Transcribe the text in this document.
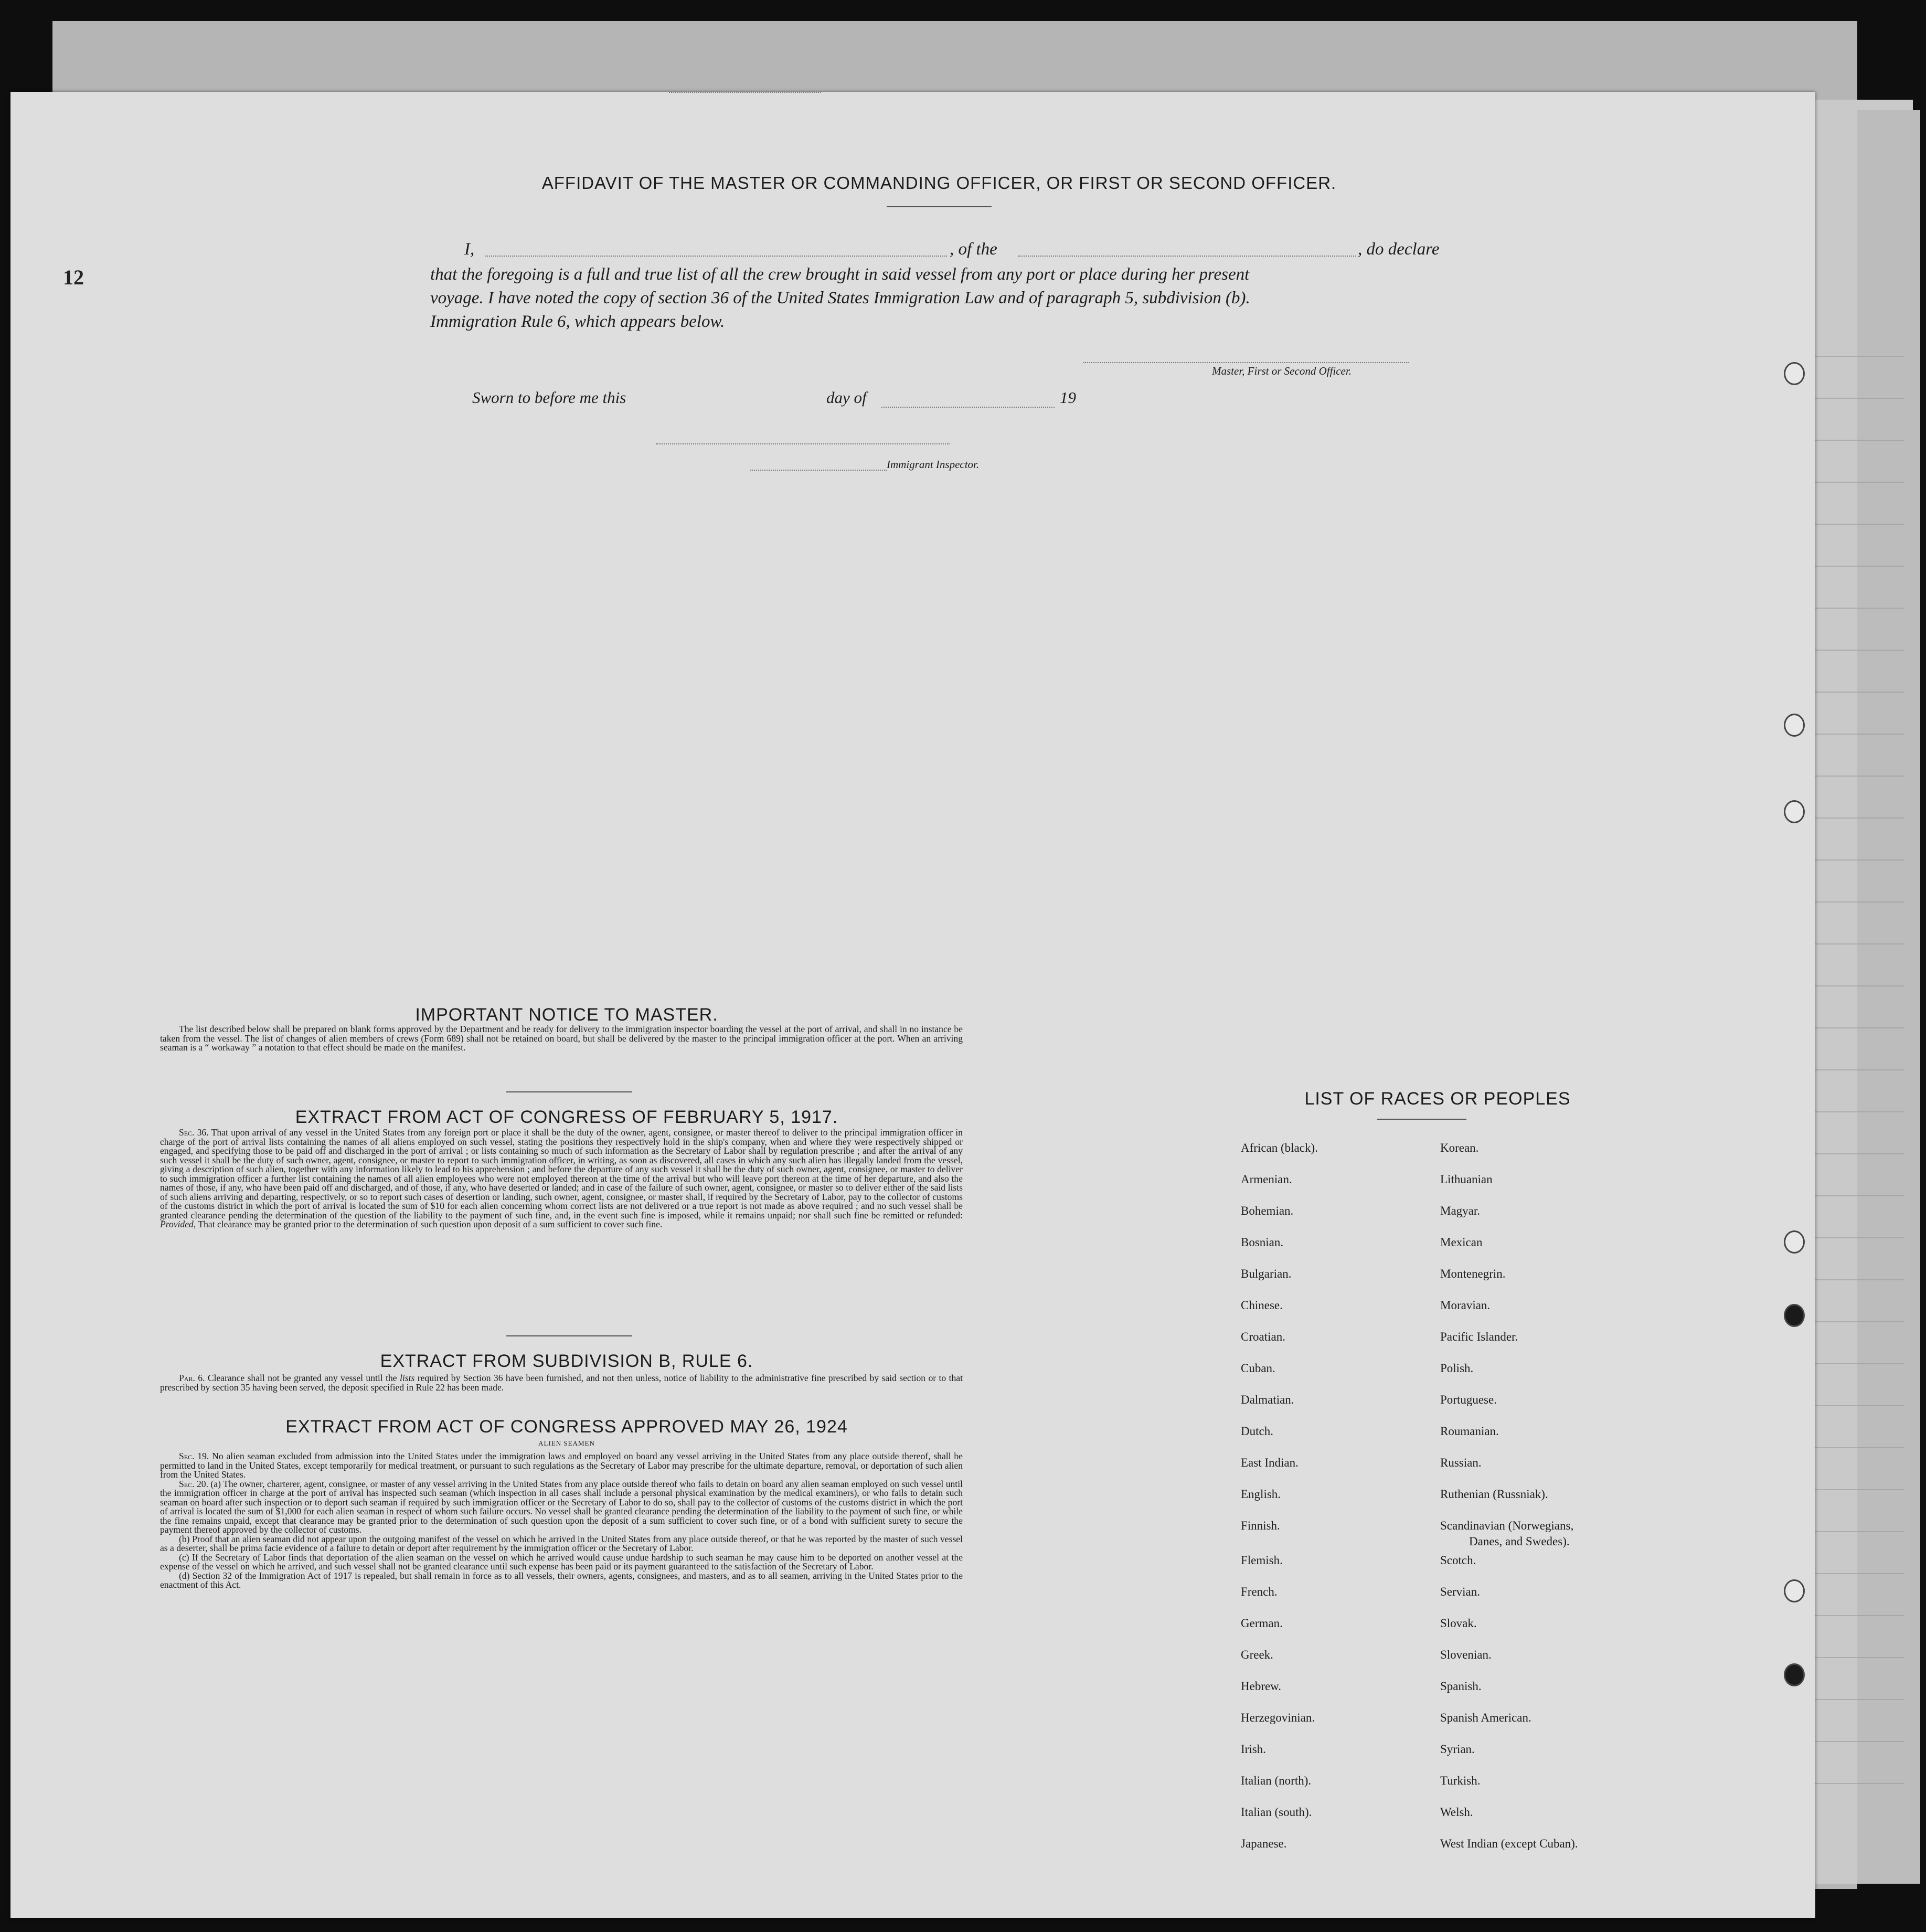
12
AFFIDAVIT OF THE MASTER OR COMMANDING OFFICER, OR FIRST OR SECOND OFFICER.
I,	, of the	, do declare
that the foregoing is a full and true list of all the crew brought in said vessel from any port or place during her present
voyage. I have noted the copy of section 36 of the United States Immigration Law and of paragraph 5, subdivision (b).
Immigration Rule 6, which appears below.
Master, First or Second Officer.
Sworn to before me this	day of	19
Immigrant Inspector.
IMPORTANT NOTICE TO MASTER.

The list described below shall be prepared on blank forms approved by the Department and be ready for delivery to the immigration inspector boarding the vessel at the port of arrival, and shall in no instance be taken from the vessel. The list of changes of alien members of crews (Form 689) shall not be retained on board, but shall be delivered by the master to the principal immigration officer at the port. When an arriving seaman is a “ workaway ” a notation to that effect should be made on the manifest.

EXTRACT FROM ACT OF CONGRESS OF FEBRUARY 5, 1917.

Sec. 36. That upon arrival of any vessel in the United States from any foreign port or place it shall be the duty of the owner, agent, consignee, or master thereof to deliver to the principal immigration officer in charge of the port of arrival lists containing the names of all aliens employed on such vessel, stating the positions they respectively hold in the ship's company, when and where they were respectively shipped or engaged, and specifying those to be paid off and discharged in the port of arrival ; or lists containing so much of such information as the Secretary of Labor shall by regulation prescribe ; and after the arrival of any such vessel it shall be the duty of such owner, agent, consignee, or master to report to such immigration officer, in writing, as soon as discovered, all cases in which any such alien has illegally landed from the vessel, giving a description of such alien, together with any information likely to lead to his apprehension ; and before the departure of any such vessel it shall be the duty of such owner, agent, consignee, or master to deliver to such immigration officer a further list containing the names of all alien employees who were not employed thereon at the time of the arrival but who will leave port thereon at the time of her departure, and also the names of those, if any, who have been paid off and discharged, and of those, if any, who have deserted or landed; and in case of the failure of such owner, agent, consignee, or master so to deliver either of the said lists of such aliens arriving and departing, respectively, or so to report such cases of desertion or landing, such owner, agent, consignee, or master shall, if required by the Secretary of Labor, pay to the collector of customs of the customs district in which the port of arrival is located the sum of $10 for each alien concerning whom correct lists are not delivered or a true report is not made as above required ; and no such vessel shall be granted clearance pending the determination of the question of the liability to the payment of such fine, and, in the event such fine is imposed, while it remains unpaid; nor shall such fine be remitted or refunded: Provided, That clearance may be granted prior to the determination of such question upon deposit of a sum sufficient to cover such fine.

EXTRACT FROM SUBDIVISION B, RULE 6.

Par. 6. Clearance shall not be granted any vessel until the lists required by Section 36 have been furnished, and not then unless, notice of liability to the administrative fine prescribed by said section or to that prescribed by section 35 having been served, the deposit specified in Rule 22 has been made.

EXTRACT FROM ACT OF CONGRESS APPROVED MAY 26, 1924
ALIEN SEAMEN

Sec. 19. No alien seaman excluded from admission into the United States under the immigration laws and employed on board any vessel arriving in the United States from any place outside thereof, shall be permitted to land in the United States, except temporarily for medical treatment, or pursuant to such regulations as the Secretary of Labor may prescribe for the ultimate departure, removal, or deportation of such alien from the United States.

Sec. 20. (a) The owner, charterer, agent, consignee, or master of any vessel arriving in the United States from any place outside thereof who fails to detain on board any alien seaman employed on such vessel until the immigration officer in charge at the port of arrival has inspected such seaman (which inspection in all cases shall include a personal physical examination by the medical examiners), or who fails to detain such seaman on board after such inspection or to deport such seaman if required by such immigration officer or the Secretary of Labor to do so, shall pay to the collector of customs of the customs district in which the port of arrival is located the sum of $1,000 for each alien seaman in respect of whom such failure occurs. No vessel shall be granted clearance pending the determination of the liability to the payment of such fine, or while the fine remains unpaid, except that clearance may be granted prior to the determination of such question upon the deposit of a sum sufficient to cover such fine, or of a bond with sufficient surety to secure the payment thereof approved by the collector of customs.

(b) Proof that an alien seaman did not appear upon the outgoing manifest of the vessel on which he arrived in the United States from any place outside thereof, or that he was reported by the master of such vessel as a deserter, shall be prima facie evidence of a failure to detain or deport after requirement by the immigration officer or the Secretary of Labor.

(c) If the Secretary of Labor finds that deportation of the alien seaman on the vessel on which he arrived would cause undue hardship to such seaman he may cause him to be deported on another vessel at the expense of the vessel on which he arrived, and such vessel shall not be granted clearance until such expense has been paid or its payment guaranteed to the satisfaction of the Secretary of Labor.

(d) Section 32 of the Immigration Act of 1917 is repealed, but shall remain in force as to all vessels, their owners, agents, consignees, and masters, and as to all seamen, arriving in the United States prior to the enactment of this Act.

LIST OF RACES OR PEOPLES
African (black).
Armenian.
Bohemian.
Bosnian.
Bulgarian.
Chinese.
Croatian.
Cuban.
Dalmatian.
Dutch.
East Indian.
English.
Finnish.
Flemish.
French.
German.
Greek.
Hebrew.
Herzegovinian.
Irish.
Italian (north).
Italian (south).
Japanese.
Korean.
Lithuanian
Magyar.
Mexican
Montenegrin.
Moravian.
Pacific Islander.
Polish.
Portuguese.
Roumanian.
Russian.
Ruthenian (Russniak).
Scandinavian (Norwegians,
Danes, and Swedes).
Scotch.
Servian.
Slovak.
Slovenian.
Spanish.
Spanish American.
Syrian.
Turkish.
Welsh.
West Indian (except Cuban).
